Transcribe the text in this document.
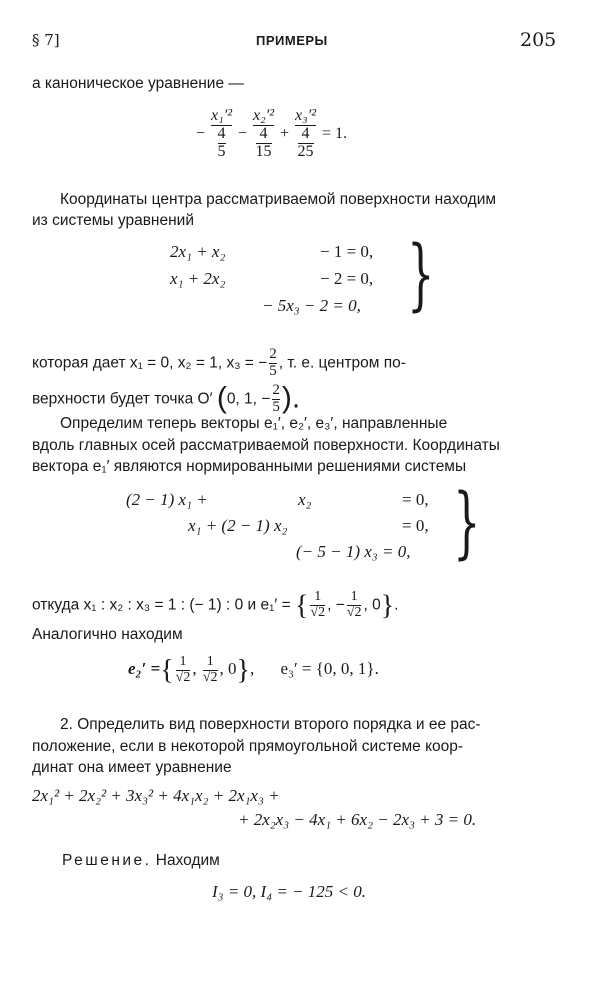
§ 7]	ПРИМЕРЫ	205
а каноническое уравнение —
− $\frac{\text{x₁′²}}{\frac{4}{5}} - \frac{\text{x₂′²}}{\frac{4}{15}} + \frac{\text{x₃′²}}{\frac{4}{25}} = 1$.
Координаты центра рассматриваемой поверхности находим
из системы уравнений
2x₁ + x₂	− 1 = 0,
x₁ + 2x₂	− 2 = 0,
− 5x₃ − 2 = 0, }
которая дает x₁ = 0, x₂ = 1, x₃ = − $\frac{2}{5}$ , т. е. центром по-
верхности будет точка O′ (0, 1, − $\frac{2}{5}$ ).
Определим теперь векторы e₁′, e₂′, e₃′, направленные
вдоль главных осей рассматриваемой поверхности. Координаты
вектора e₁′ являются нормированными решениями системы
(2 − 1) x₁ +	x₂	= 0,
x₁ + (2 − 1) x₂	= 0,
(− 5 − 1) x₃ = 0, }
откуда x₁ : x₂ : x₃ = 1 : (− 1) : 0 и e₁′ = { $\frac{1}{√2}$ , − $\frac{1}{√2}$ , 0}.
Аналогично находим
e₂′ ={ $\frac{1}{√2}$ , $\frac{1}{√2}$ , 0}, e₃′ = {0, 0, 1}.
2. Определить вид поверхности второго порядка и ее рас-
положение, если в некоторой прямоугольной системе коор-
динат она имеет уравнение
2x₁² + 2x₂² + 3x₃² + 4x₁x₂ + 2x₁x₃ +
+ 2x₂x₃ − 4x₁ + 6x₂ − 2x₃ + 3 = 0.
Решение. Находим
I₃ = 0, I₄ = − 125 < 0.
